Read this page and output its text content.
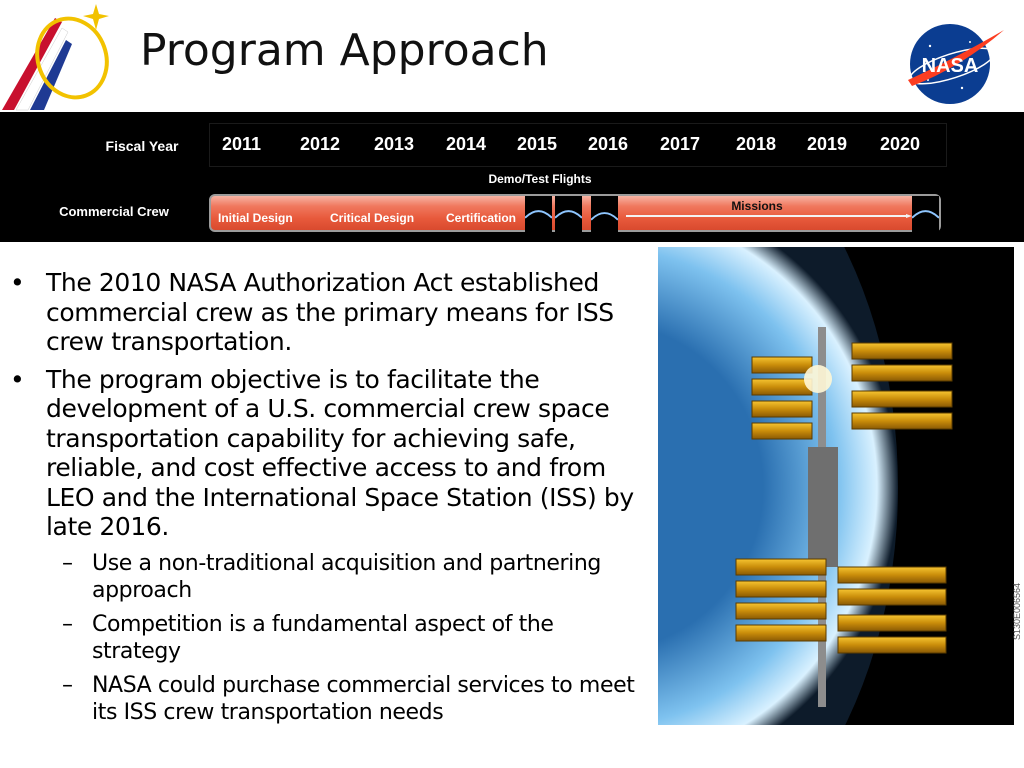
Program Approach	NASA
Fiscal Year	2011 2012 2013 2014 2015 2016 2017 2018 2019 2020
Demo/Test Flights
Commercial Crew	Initial Design	Critical Design	Certification
Missions
• The 2010 NASA Authorization Act established commercial crew as the primary means for ISS crew transportation.
• The program objective is to facilitate the development of a U.S. commercial crew space transportation capability for achieving safe, reliable, and cost effective access to and from LEO and the International Space Station (ISS) by late 2016.
– Use a non-traditional acquisition and partnering approach
– Competition is a fundamental aspect of the strategy
– NASA could purchase commercial services to meet its ISS crew transportation needs
S130E006564
